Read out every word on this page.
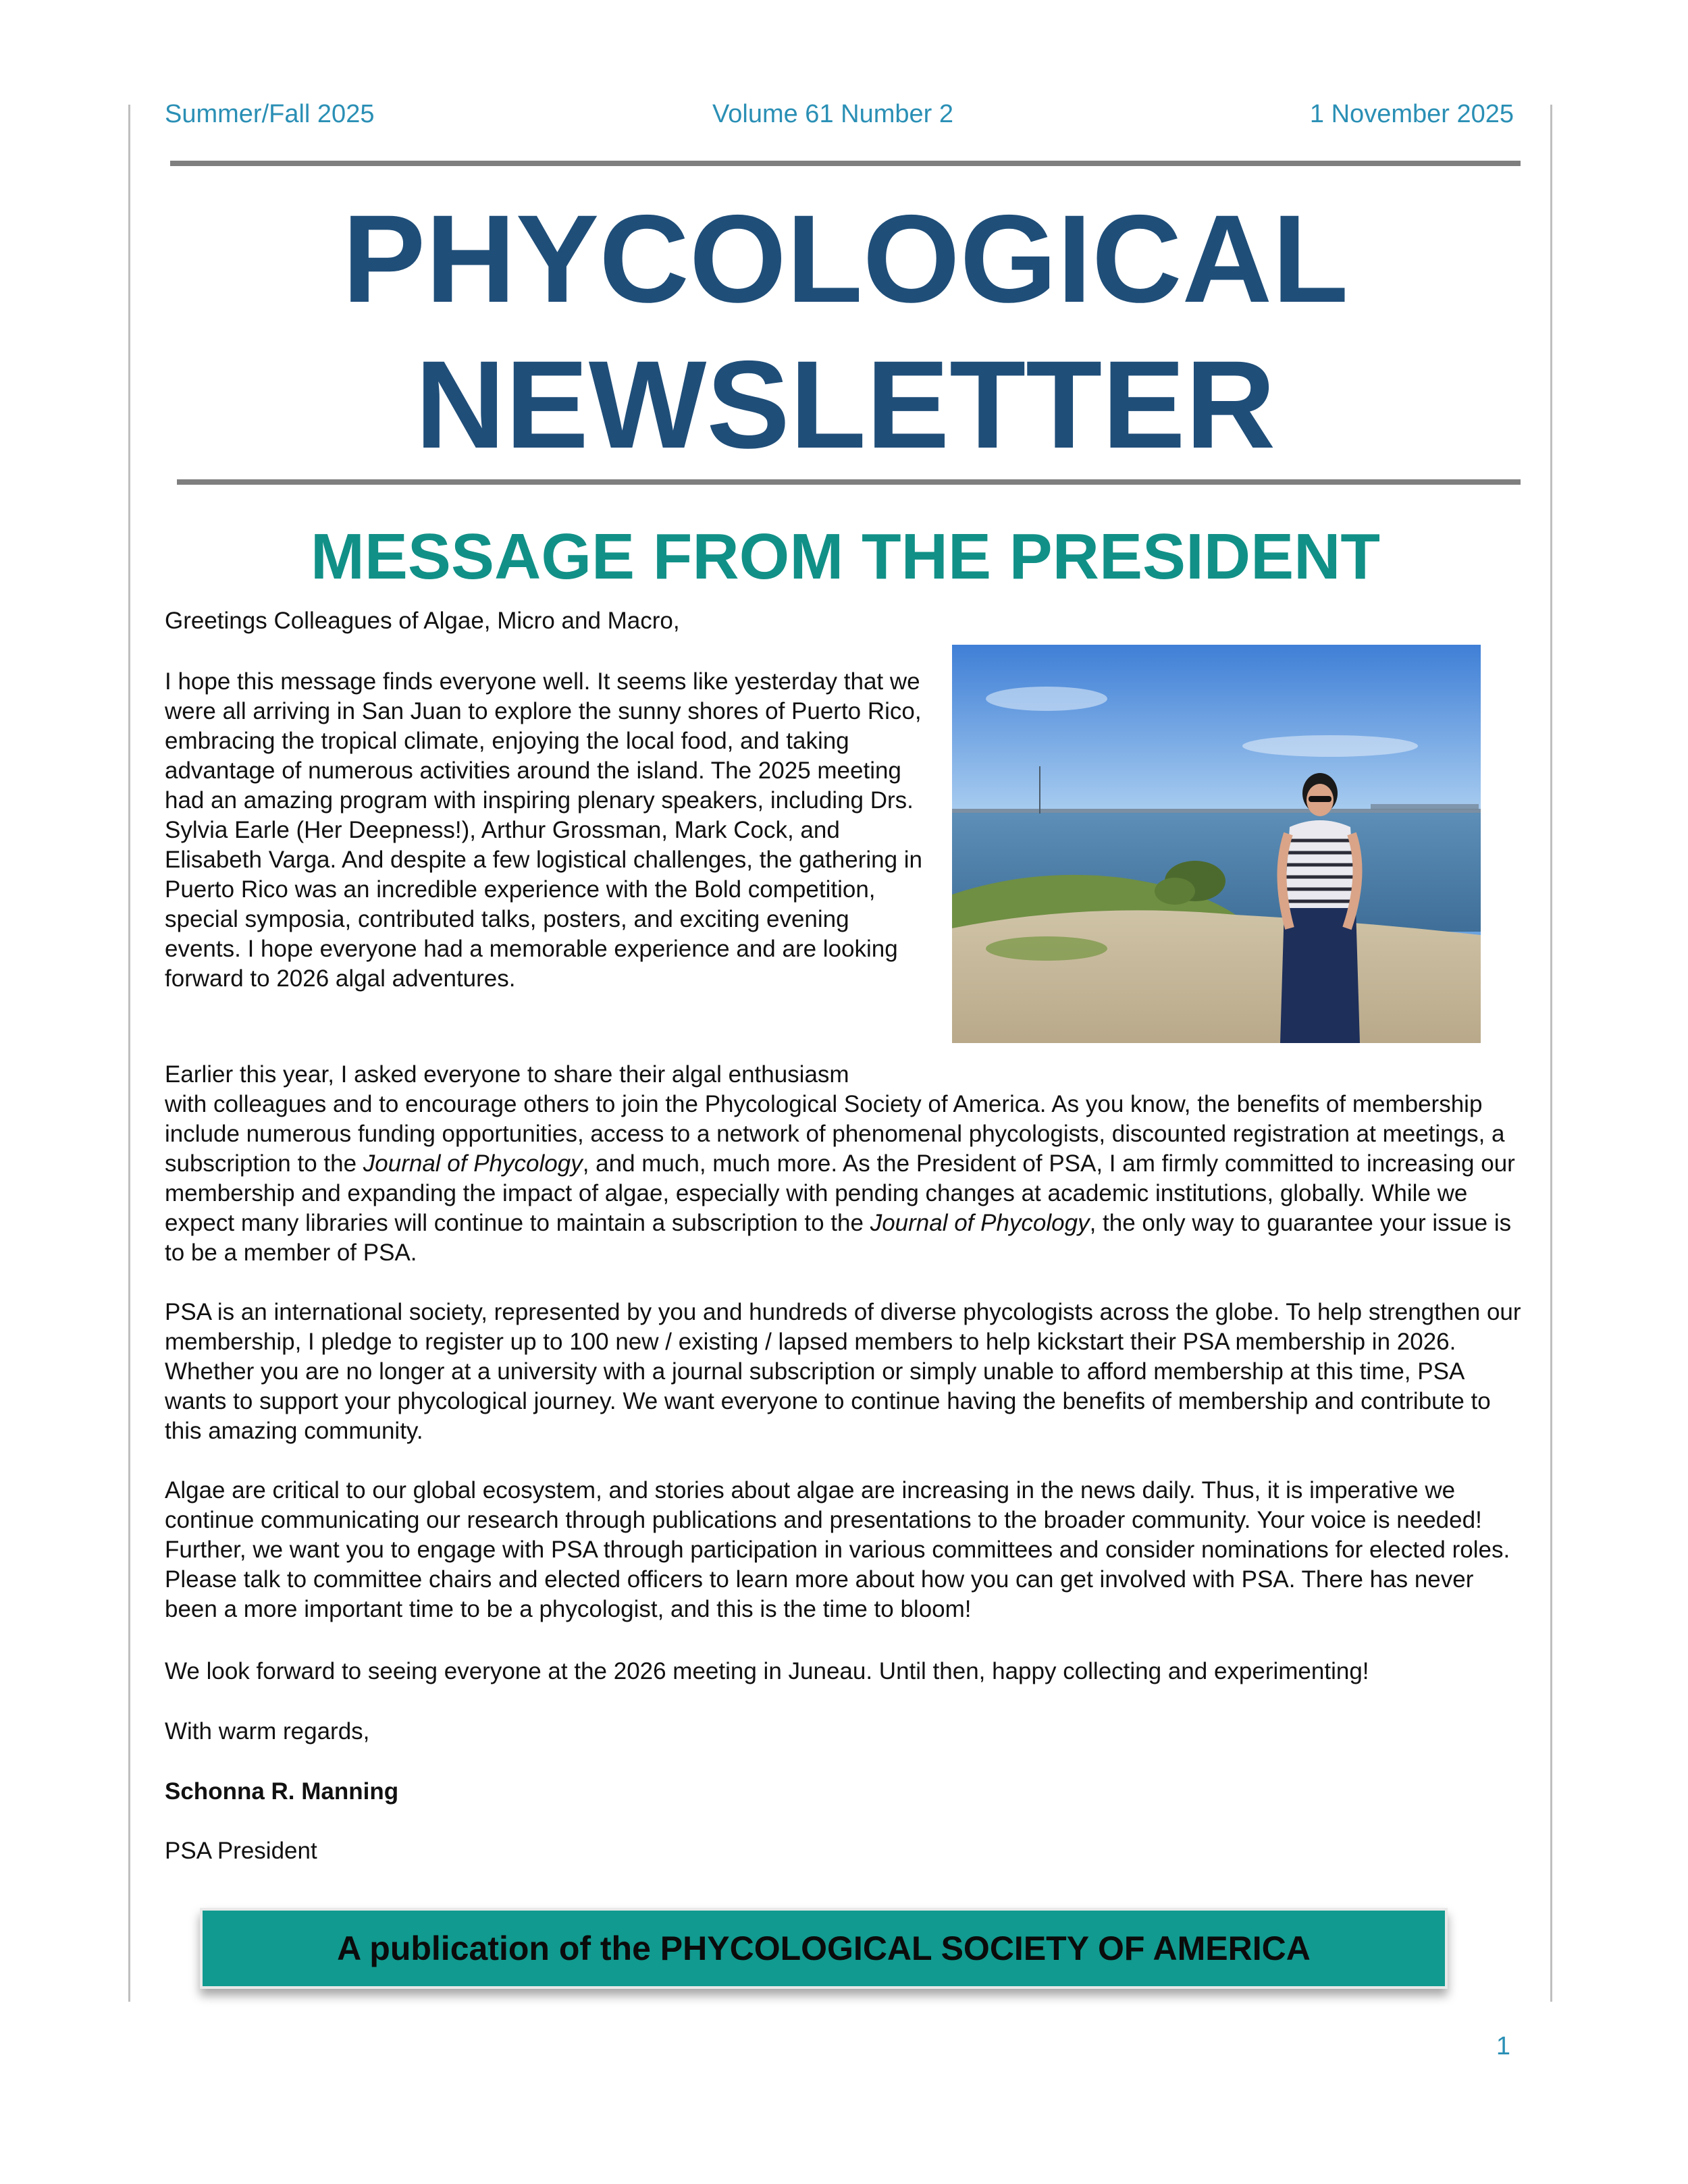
Summer/Fall 2025	Volume 61 Number 2	1 November 2025
PHYCOLOGICAL
NEWSLETTER
MESSAGE FROM THE PRESIDENT

Greetings Colleagues of Algae, Micro and Macro,

I hope this message finds everyone well. It seems like yesterday that we were all arriving in San Juan to explore the sunny shores of Puerto Rico, embracing the tropical climate, enjoying the local food, and taking advantage of numerous activities around the island. The 2025 meeting had an amazing program with inspiring plenary speakers, including Drs. Sylvia Earle (Her Deepness!), Arthur Grossman, Mark Cock, and Elisabeth Varga. And despite a few logistical challenges, the gathering in Puerto Rico was an incredible experience with the Bold competition, special symposia, contributed talks, posters, and exciting evening events. I hope everyone had a memorable experience and are looking forward to 2026 algal adventures.

Earlier this year, I asked everyone to share their algal enthusiasm

with colleagues and to encourage others to join the Phycological Society of America. As you know, the benefits of membership include numerous funding opportunities, access to a network of phenomenal phycologists, discounted registration at meetings, a subscription to the Journal of Phycology, and much, much more. As the President of PSA, I am firmly committed to increasing our membership and expanding the impact of algae, especially with pending changes at academic institutions, globally. While we expect many libraries will continue to maintain a subscription to the Journal of Phycology, the only way to guarantee your issue is to be a member of PSA.

PSA is an international society, represented by you and hundreds of diverse phycologists across the globe. To help strengthen our membership, I pledge to register up to 100 new / existing / lapsed members to help kickstart their PSA membership in 2026. Whether you are no longer at a university with a journal subscription or simply unable to afford membership at this time, PSA wants to support your phycological journey. We want everyone to continue having the benefits of membership and contribute to this amazing community.

Algae are critical to our global ecosystem, and stories about algae are increasing in the news daily. Thus, it is imperative we continue communicating our research through publications and presentations to the broader community. Your voice is needed! Further, we want you to engage with PSA through participation in various committees and consider nominations for elected roles. Please talk to committee chairs and elected officers to learn more about how you can get involved with PSA. There has never been a more important time to be a phycologist, and this is the time to bloom!

We look forward to seeing everyone at the 2026 meeting in Juneau. Until then, happy collecting and experimenting!

With warm regards,

Schonna R. Manning

PSA President

A publication of the PHYCOLOGICAL SOCIETY OF AMERICA
1
